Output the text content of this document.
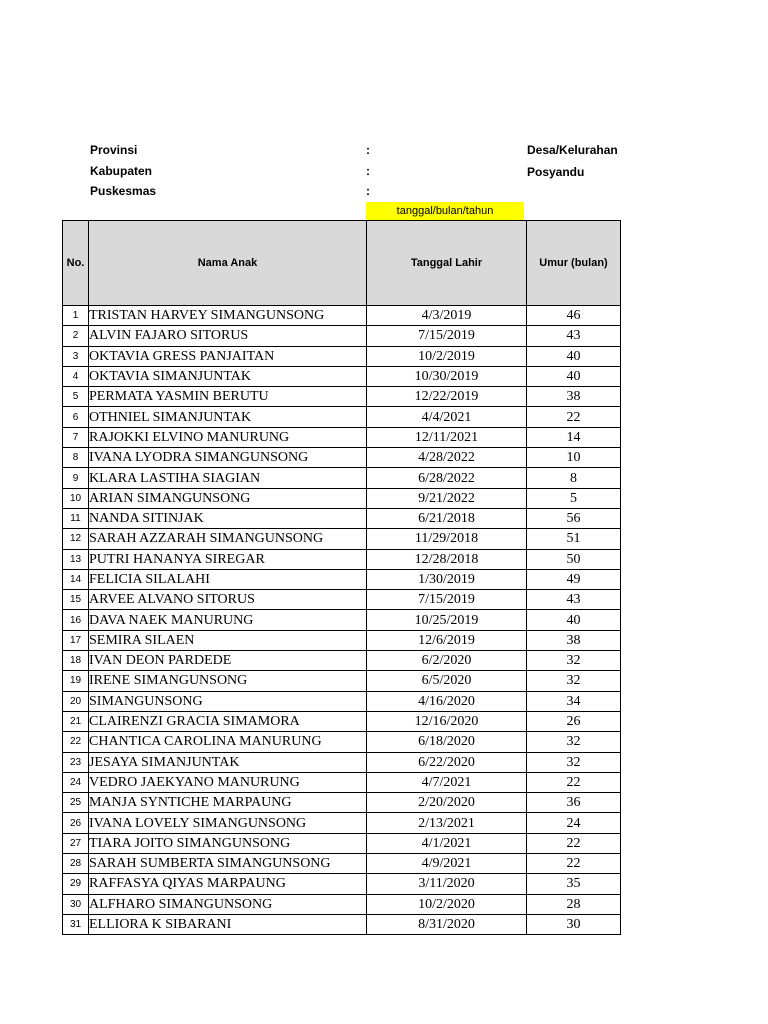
Provinsi
Kabupaten
Puskesmas
:
:
:
Desa/Kelurahan
Posyandu
tanggal/bulan/tahun
No.	Nama Anak	Tanggal Lahir	Umur (bulan)
1	TRISTAN HARVEY SIMANGUNSONG	4/3/2019	46
2	ALVIN FAJARO SITORUS	7/15/2019	43
3	OKTAVIA GRESS PANJAITAN	10/2/2019	40
4	OKTAVIA SIMANJUNTAK	10/30/2019	40
5	PERMATA YASMIN BERUTU	12/22/2019	38
6	OTHNIEL SIMANJUNTAK	4/4/2021	22
7	RAJOKKI ELVINO MANURUNG	12/11/2021	14
8	IVANA LYODRA SIMANGUNSONG	4/28/2022	10
9	KLARA LASTIHA SIAGIAN	6/28/2022	8
10	ARIAN SIMANGUNSONG	9/21/2022	5
11	NANDA SITINJAK	6/21/2018	56
12	SARAH AZZARAH SIMANGUNSONG	11/29/2018	51
13	PUTRI HANANYA SIREGAR	12/28/2018	50
14	FELICIA SILALAHI	1/30/2019	49
15	ARVEE ALVANO SITORUS	7/15/2019	43
16	DAVA NAEK MANURUNG	10/25/2019	40
17	SEMIRA SILAEN	12/6/2019	38
18	IVAN DEON PARDEDE	6/2/2020	32
19	IRENE SIMANGUNSONG	6/5/2020	32
20	SIMANGUNSONG	4/16/2020	34
21	CLAIRENZI GRACIA SIMAMORA	12/16/2020	26
22	CHANTICA CAROLINA MANURUNG	6/18/2020	32
23	JESAYA SIMANJUNTAK	6/22/2020	32
24	VEDRO JAEKYANO MANURUNG	4/7/2021	22
25	MANJA SYNTICHE MARPAUNG	2/20/2020	36
26	IVANA LOVELY SIMANGUNSONG	2/13/2021	24
27	TIARA JOITO SIMANGUNSONG	4/1/2021	22
28	SARAH SUMBERTA SIMANGUNSONG	4/9/2021	22
29	RAFFASYA QIYAS MARPAUNG	3/11/2020	35
30	ALFHARO SIMANGUNSONG	10/2/2020	28
31	ELLIORA K SIBARANI	8/31/2020	30
